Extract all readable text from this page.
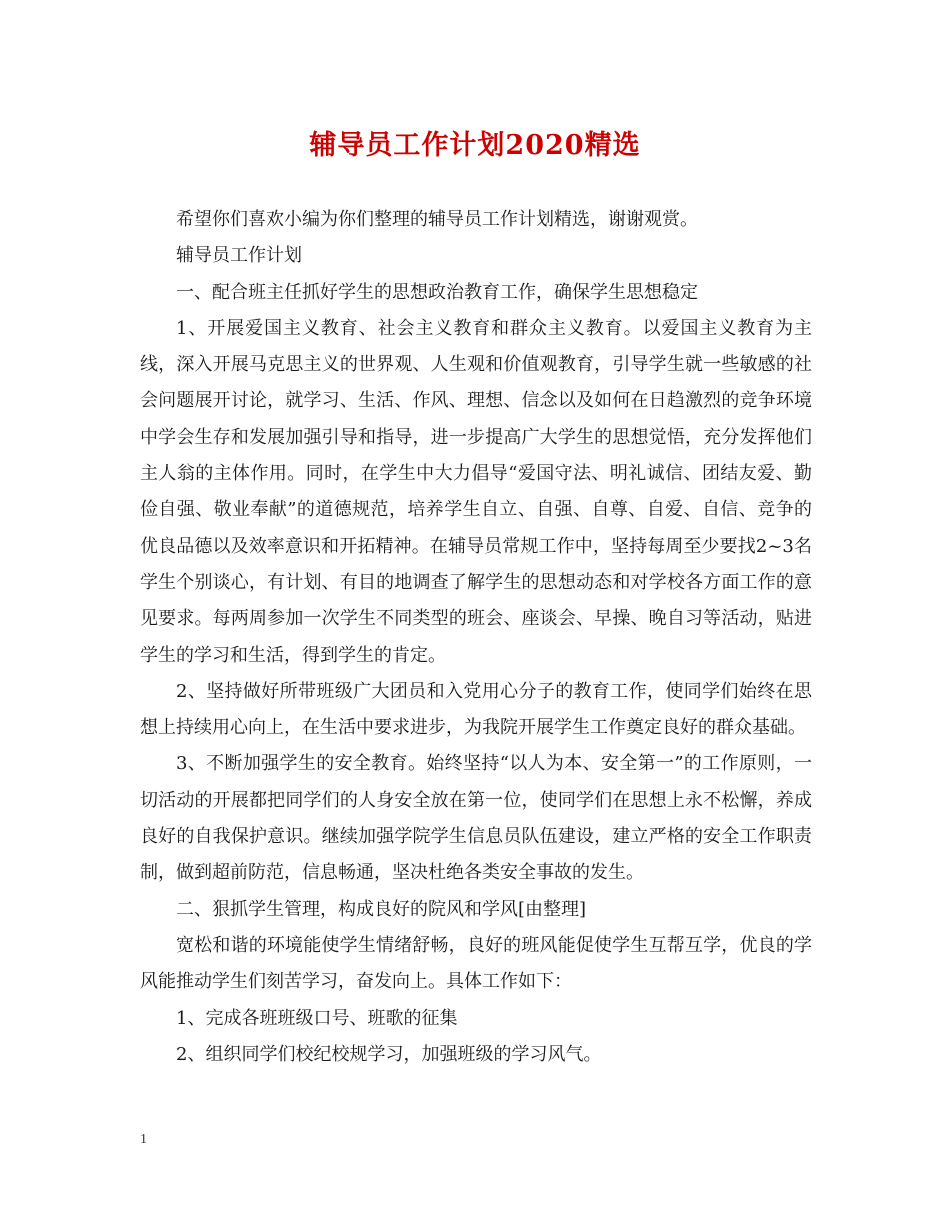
辅导员工作计划2020精选

希望你们喜欢小编为你们整理的辅导员工作计划精选，谢谢观赏。

辅导员工作计划

一、配合班主任抓好学生的思想政治教育工作，确保学生思想稳定

1、开展爱国主义教育、社会主义教育和群众主义教育。以爱国主义教育为主线，深入开展马克思主义的世界观、人生观和价值观教育，引导学生就一些敏感的社会问题展开讨论，就学习、生活、作风、理想、信念以及如何在日趋激烈的竞争环境中学会生存和发展加强引导和指导，进一步提高广大学生的思想觉悟，充分发挥他们主人翁的主体作用。同时，在学生中大力倡导“爱国守法、明礼诚信、团结友爱、勤俭自强、敬业奉献”的道德规范，培养学生自立、自强、自尊、自爱、自信、竞争的优良品德以及效率意识和开拓精神。在辅导员常规工作中，坚持每周至少要找2~3名学生个别谈心，有计划、有目的地调查了解学生的思想动态和对学校各方面工作的意见要求。每两周参加一次学生不同类型的班会、座谈会、早操、晚自习等活动，贴进学生的学习和生活，得到学生的肯定。

2、坚持做好所带班级广大团员和入党用心分子的教育工作，使同学们始终在思想上持续用心向上，在生活中要求进步，为我院开展学生工作奠定良好的群众基础。

3、不断加强学生的安全教育。始终坚持“以人为本、安全第一”的工作原则，一切活动的开展都把同学们的人身安全放在第一位，使同学们在思想上永不松懈，养成良好的自我保护意识。继续加强学院学生信息员队伍建设，建立严格的安全工作职责制，做到超前防范，信息畅通，坚决杜绝各类安全事故的发生。

二、狠抓学生管理，构成良好的院风和学风[由整理]

宽松和谐的环境能使学生情绪舒畅，良好的班风能促使学生互帮互学，优良的学风能推动学生们刻苦学习，奋发向上。具体工作如下：

1、完成各班班级口号、班歌的征集

2、组织同学们校纪校规学习，加强班级的学习风气。

1
